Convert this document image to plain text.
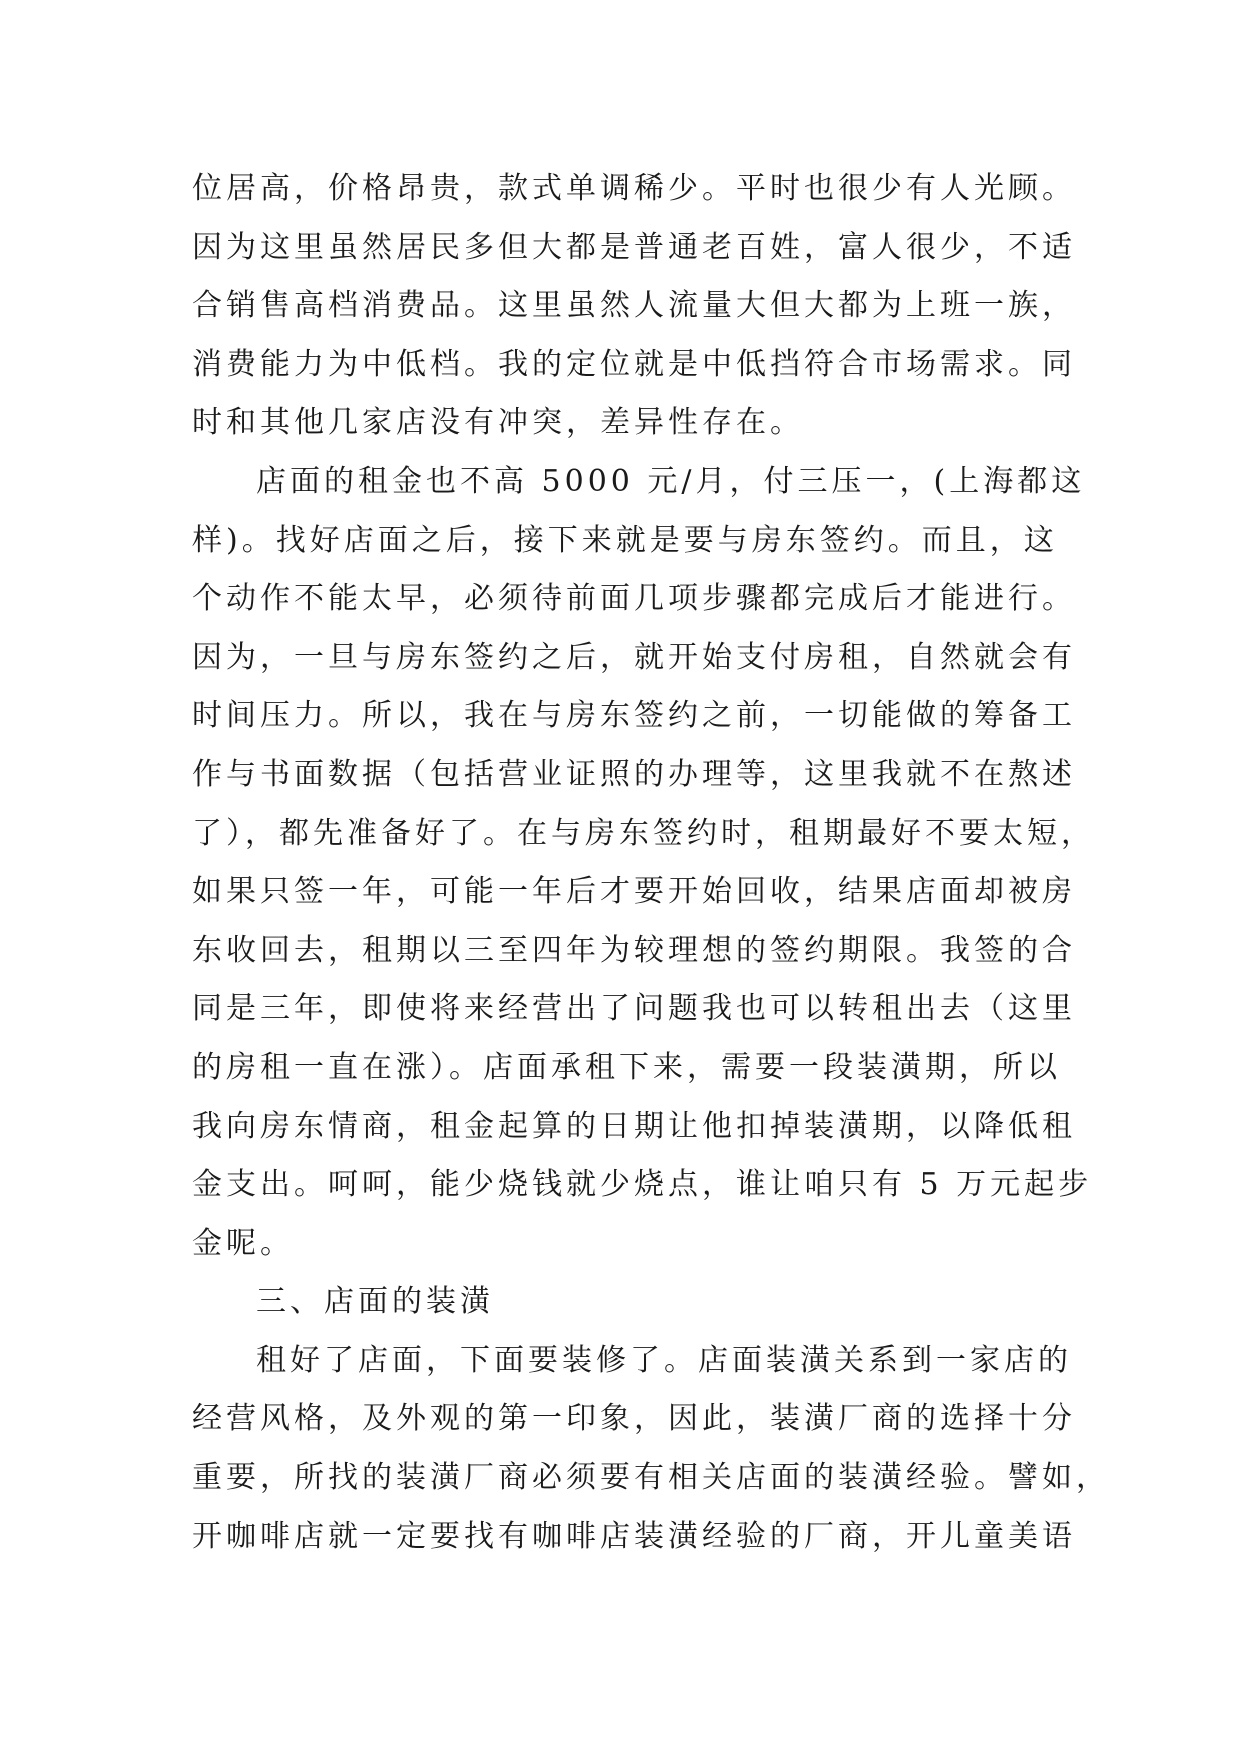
位居高，价格昂贵，款式单调稀少。平时也很少有人光顾。
因为这里虽然居民多但大都是普通老百姓，富人很少，不适
合销售高档消费品。这里虽然人流量大但大都为上班一族，
消费能力为中低档。我的定位就是中低挡符合市场需求。同
时和其他几家店没有冲突，差异性存在。
店面的租金也不高 5000 元/月，付三压一，(上海都这
样)。找好店面之后，接下来就是要与房东签约。而且，这
个动作不能太早，必须待前面几项步骤都完成后才能进行。
因为，一旦与房东签约之后，就开始支付房租，自然就会有
时间压力。所以，我在与房东签约之前，一切能做的筹备工
作与书面数据（包括营业证照的办理等，这里我就不在熬述
了），都先准备好了。在与房东签约时，租期最好不要太短，
如果只签一年，可能一年后才要开始回收，结果店面却被房
东收回去，租期以三至四年为较理想的签约期限。我签的合
同是三年，即使将来经营出了问题我也可以转租出去（这里
的房租一直在涨）。店面承租下来，需要一段装潢期，所以
我向房东情商，租金起算的日期让他扣掉装潢期，以降低租
金支出。呵呵，能少烧钱就少烧点，谁让咱只有 5 万元起步
金呢。
三、店面的装潢
租好了店面，下面要装修了。店面装潢关系到一家店的
经营风格，及外观的第一印象，因此，装潢厂商的选择十分
重要，所找的装潢厂商必须要有相关店面的装潢经验。譬如，
开咖啡店就一定要找有咖啡店装潢经验的厂商，开儿童美语
